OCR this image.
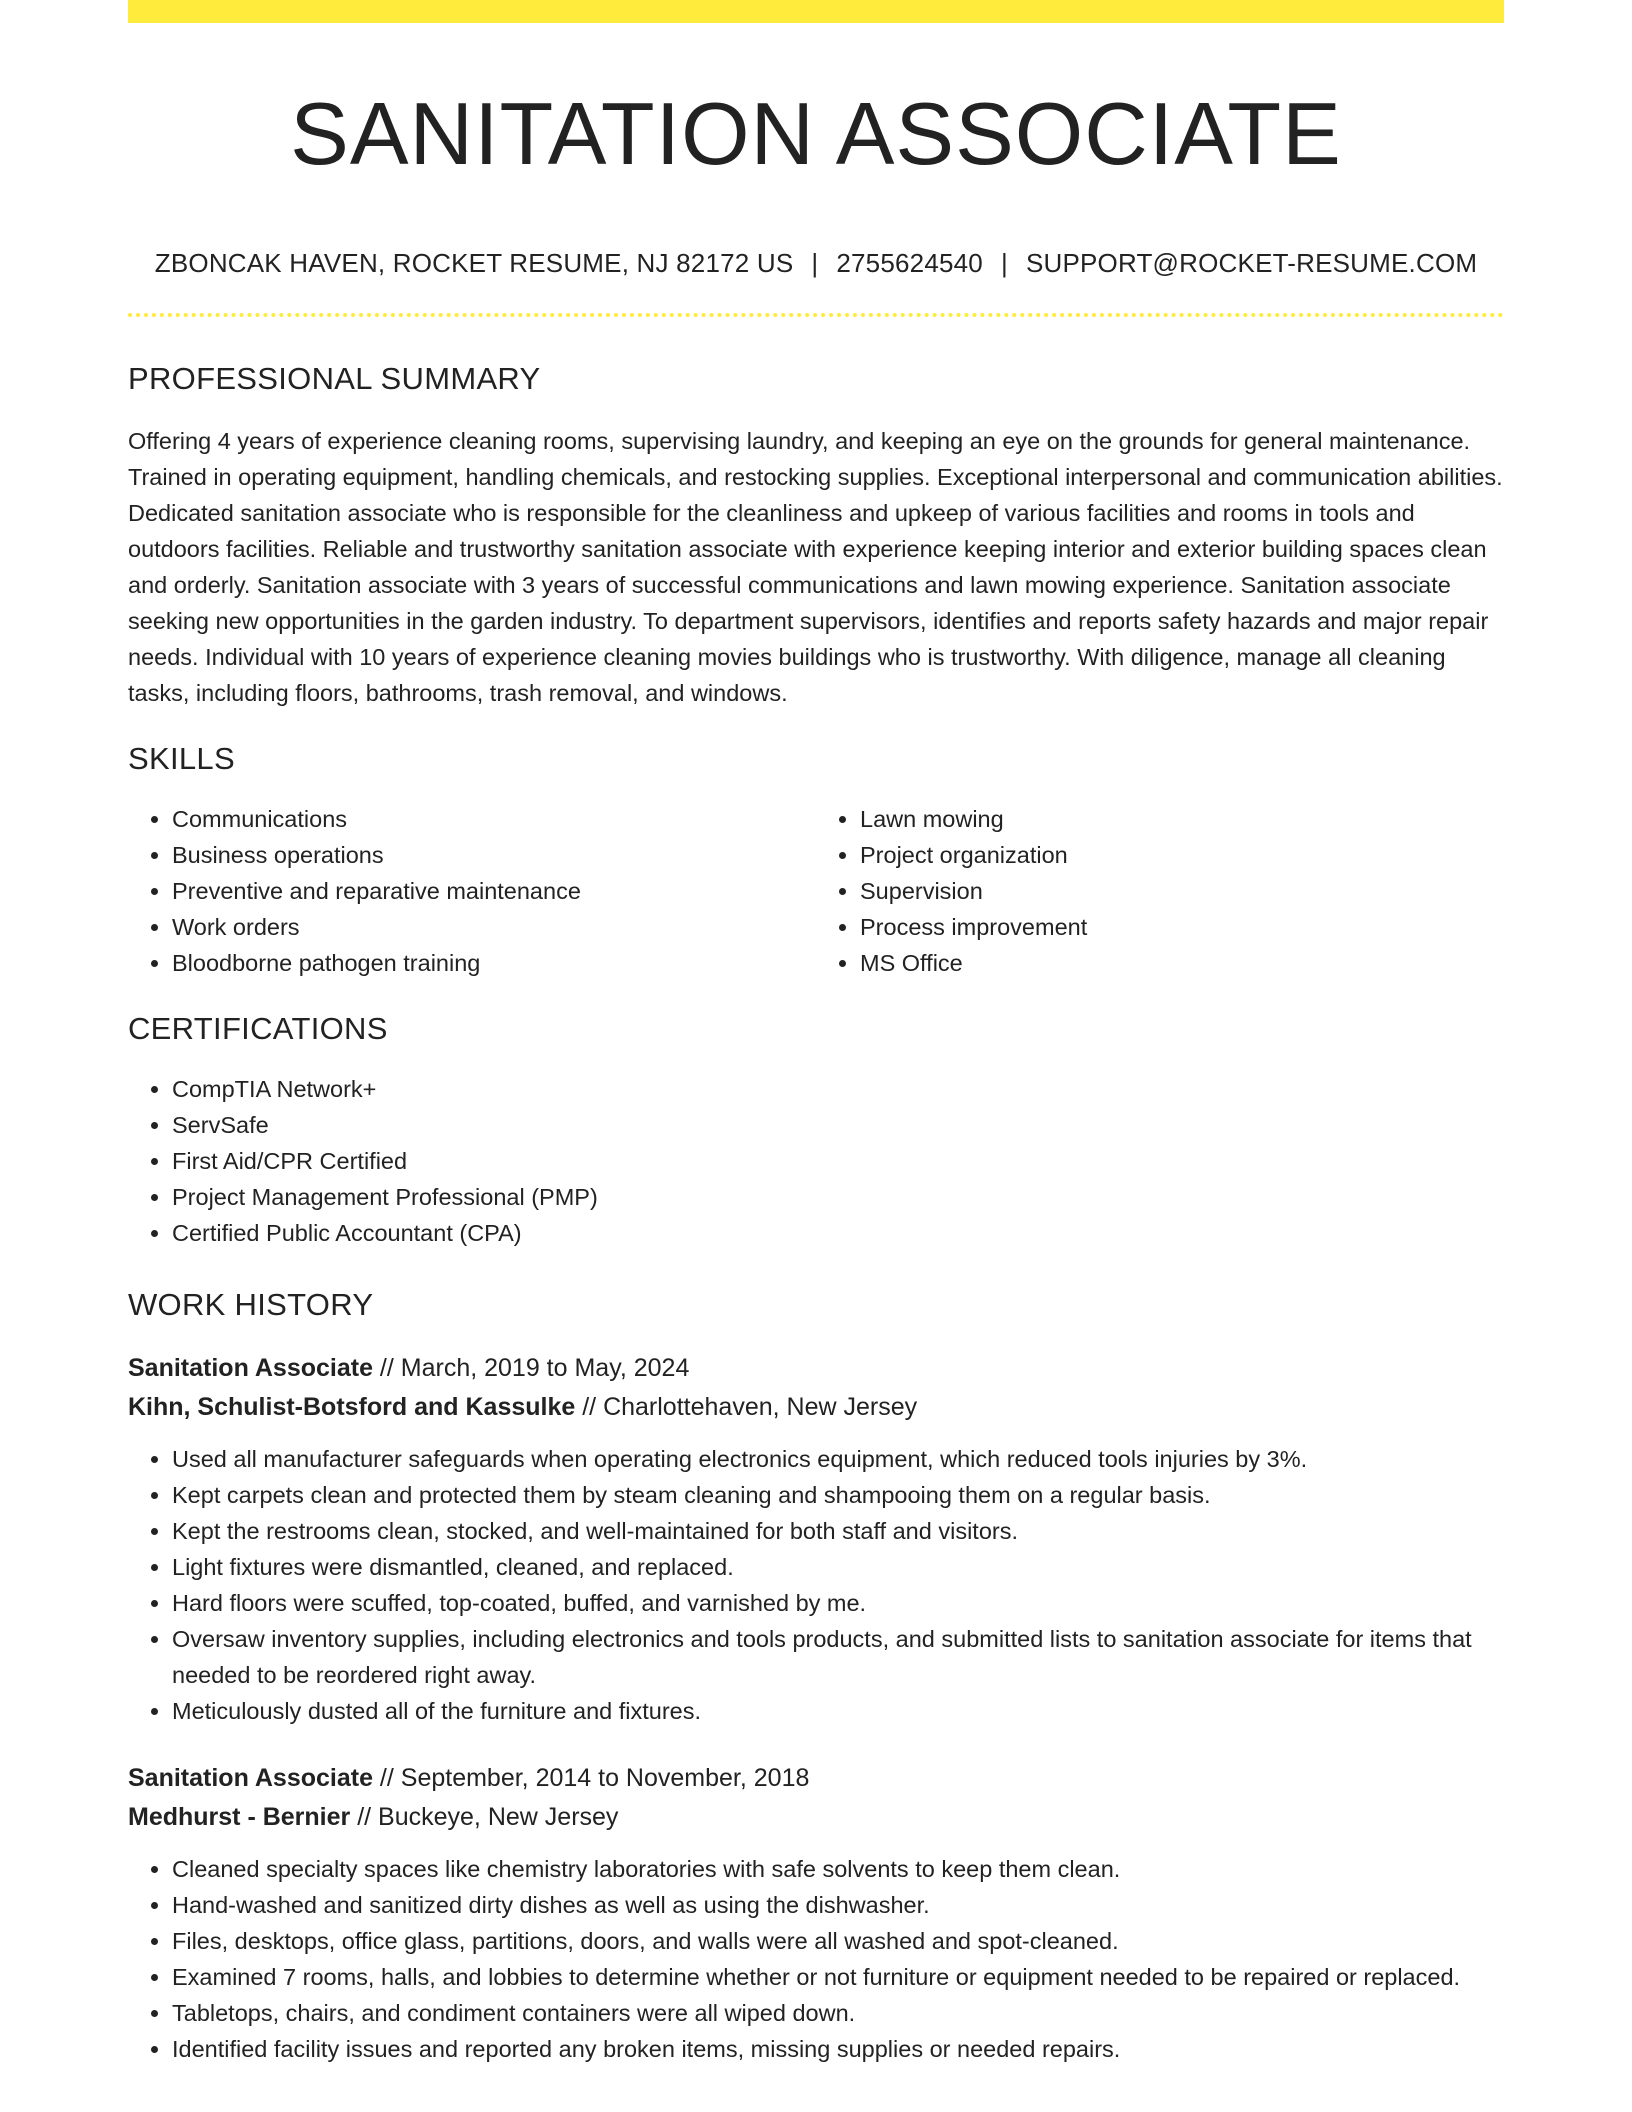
SANITATION ASSOCIATE
ZBONCAK HAVEN, ROCKET RESUME, NJ 82172 US | 2755624540 | SUPPORT@ROCKET-RESUME.COM
PROFESSIONAL SUMMARY

Offering 4 years of experience cleaning rooms, supervising laundry, and keeping an eye on the grounds for general maintenance. Trained in operating equipment, handling chemicals, and restocking supplies. Exceptional interpersonal and communication abilities. Dedicated sanitation associate who is responsible for the cleanliness and upkeep of various facilities and rooms in tools and outdoors facilities. Reliable and trustworthy sanitation associate with experience keeping interior and exterior building spaces clean and orderly. Sanitation associate with 3 years of successful communications and lawn mowing experience. Sanitation associate seeking new opportunities in the garden industry. To department supervisors, identifies and reports safety hazards and major repair needs. Individual with 10 years of experience cleaning movies buildings who is trustworthy. With diligence, manage all cleaning tasks, including floors, bathrooms, trash removal, and windows.

SKILLS
• Communications
• Business operations
• Preventive and reparative maintenance
• Work orders
• Bloodborne pathogen training
• Lawn mowing
• Project organization
• Supervision
• Process improvement
• MS Office
CERTIFICATIONS
• CompTIA Network+
• ServSafe
• First Aid/CPR Certified
• Project Management Professional (PMP)
• Certified Public Accountant (CPA)
WORK HISTORY
Sanitation Associate // March, 2019 to May, 2024
Kihn, Schulist-Botsford and Kassulke // Charlottehaven, New Jersey
• Used all manufacturer safeguards when operating electronics equipment, which reduced tools injuries by 3%.
• Kept carpets clean and protected them by steam cleaning and shampooing them on a regular basis.
• Kept the restrooms clean, stocked, and well-maintained for both staff and visitors.
• Light fixtures were dismantled, cleaned, and replaced.
• Hard floors were scuffed, top-coated, buffed, and varnished by me.
• Oversaw inventory supplies, including electronics and tools products, and submitted lists to sanitation associate for items that needed to be reordered right away.
• Meticulously dusted all of the furniture and fixtures.
Sanitation Associate // September, 2014 to November, 2018
Medhurst - Bernier // Buckeye, New Jersey
• Cleaned specialty spaces like chemistry laboratories with safe solvents to keep them clean.
• Hand-washed and sanitized dirty dishes as well as using the dishwasher.
• Files, desktops, office glass, partitions, doors, and walls were all washed and spot-cleaned.
• Examined 7 rooms, halls, and lobbies to determine whether or not furniture or equipment needed to be repaired or replaced.
• Tabletops, chairs, and condiment containers were all wiped down.
• Identified facility issues and reported any broken items, missing supplies or needed repairs.
